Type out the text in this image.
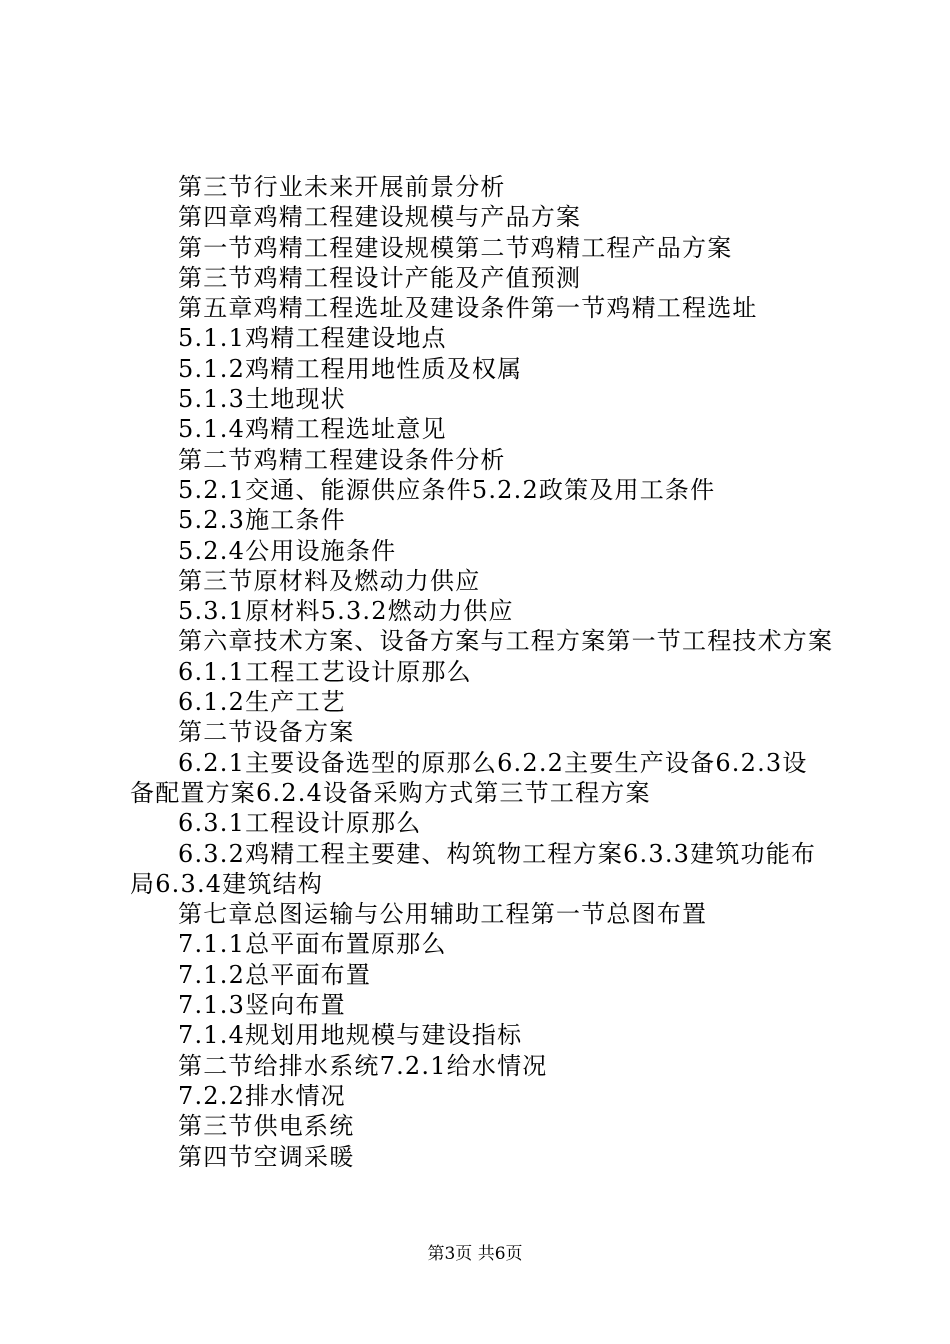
第三节行业未来开展前景分析
第四章鸡精工程建设规模与产品方案
第一节鸡精工程建设规模第二节鸡精工程产品方案
第三节鸡精工程设计产能及产值预测
第五章鸡精工程选址及建设条件第一节鸡精工程选址
5.1.1鸡精工程建设地点
5.1.2鸡精工程用地性质及权属
5.1.3土地现状
5.1.4鸡精工程选址意见
第二节鸡精工程建设条件分析
5.2.1交通、能源供应条件5.2.2政策及用工条件
5.2.3施工条件
5.2.4公用设施条件
第三节原材料及燃动力供应
5.3.1原材料5.3.2燃动力供应
第六章技术方案、设备方案与工程方案第一节工程技术方案
6.1.1工程工艺设计原那么
6.1.2生产工艺
第二节设备方案
6.2.1主要设备选型的原那么6.2.2主要生产设备6.2.3设备配置方案6.2.4设备采购方式第三节工程方案
6.3.1工程设计原那么
6.3.2鸡精工程主要建、构筑物工程方案6.3.3建筑功能布局6.3.4建筑结构
第七章总图运输与公用辅助工程第一节总图布置
7.1.1总平面布置原那么
7.1.2总平面布置
7.1.3竖向布置
7.1.4规划用地规模与建设指标
第二节给排水系统7.2.1给水情况
7.2.2排水情况
第三节供电系统
第四节空调采暖
第3页 共6页
